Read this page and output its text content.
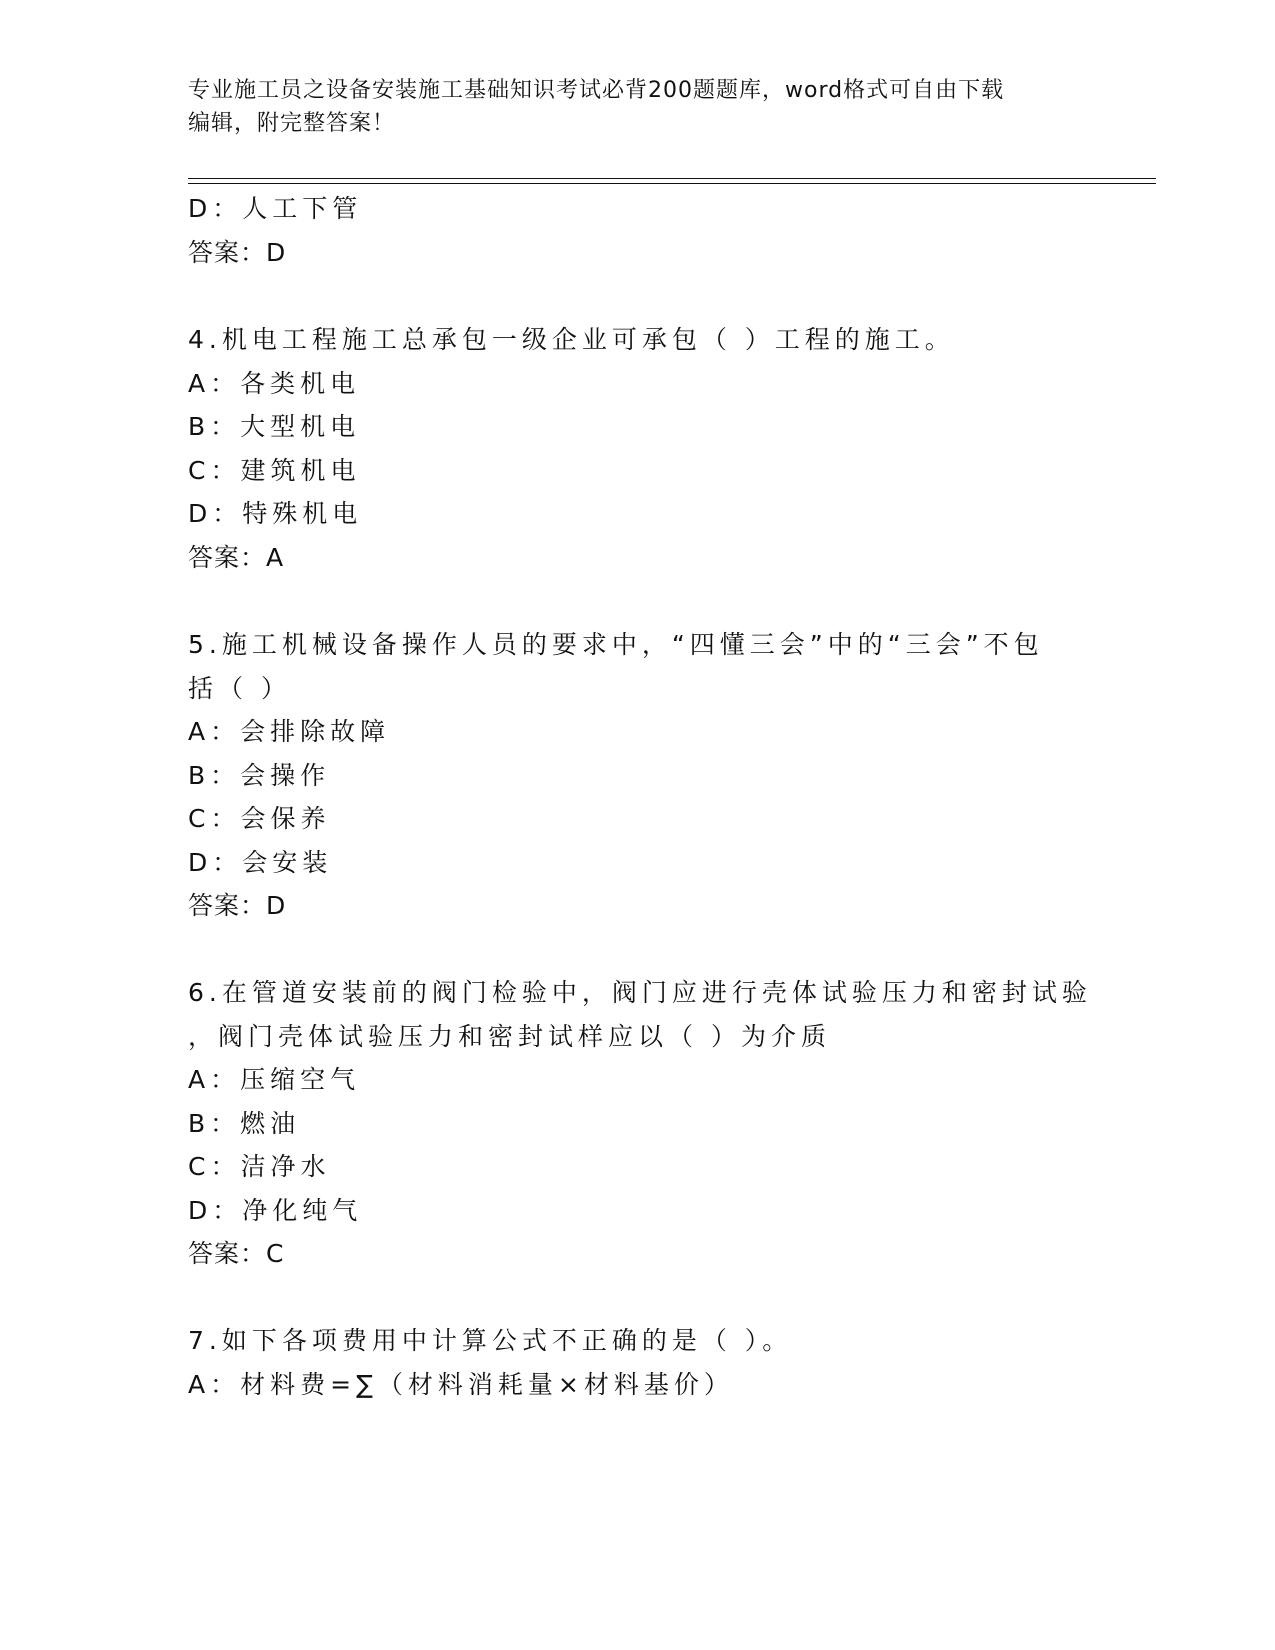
专业施工员之设备安装施工基础知识考试必背200题题库，word格式可自由下载
编辑，附完整答案！
D：人工下管
答案：D
4.机电工程施工总承包一级企业可承包（ ）工程的施工。
A：各类机电
B：大型机电
C：建筑机电
D：特殊机电
答案：A
5.施工机械设备操作人员的要求中，“四懂三会”中的“三会”不包
括（ ）
A：会排除故障
B：会操作
C：会保养
D：会安装
答案：D
6.在管道安装前的阀门检验中，阀门应进行壳体试验压力和密封试验
，阀门壳体试验压力和密封试样应以（ ）为介质
A：压缩空气
B：燃油
C：洁净水
D：净化纯气
答案：C
7.如下各项费用中计算公式不正确的是（ ）。
A：材料费=∑（材料消耗量×材料基价）
